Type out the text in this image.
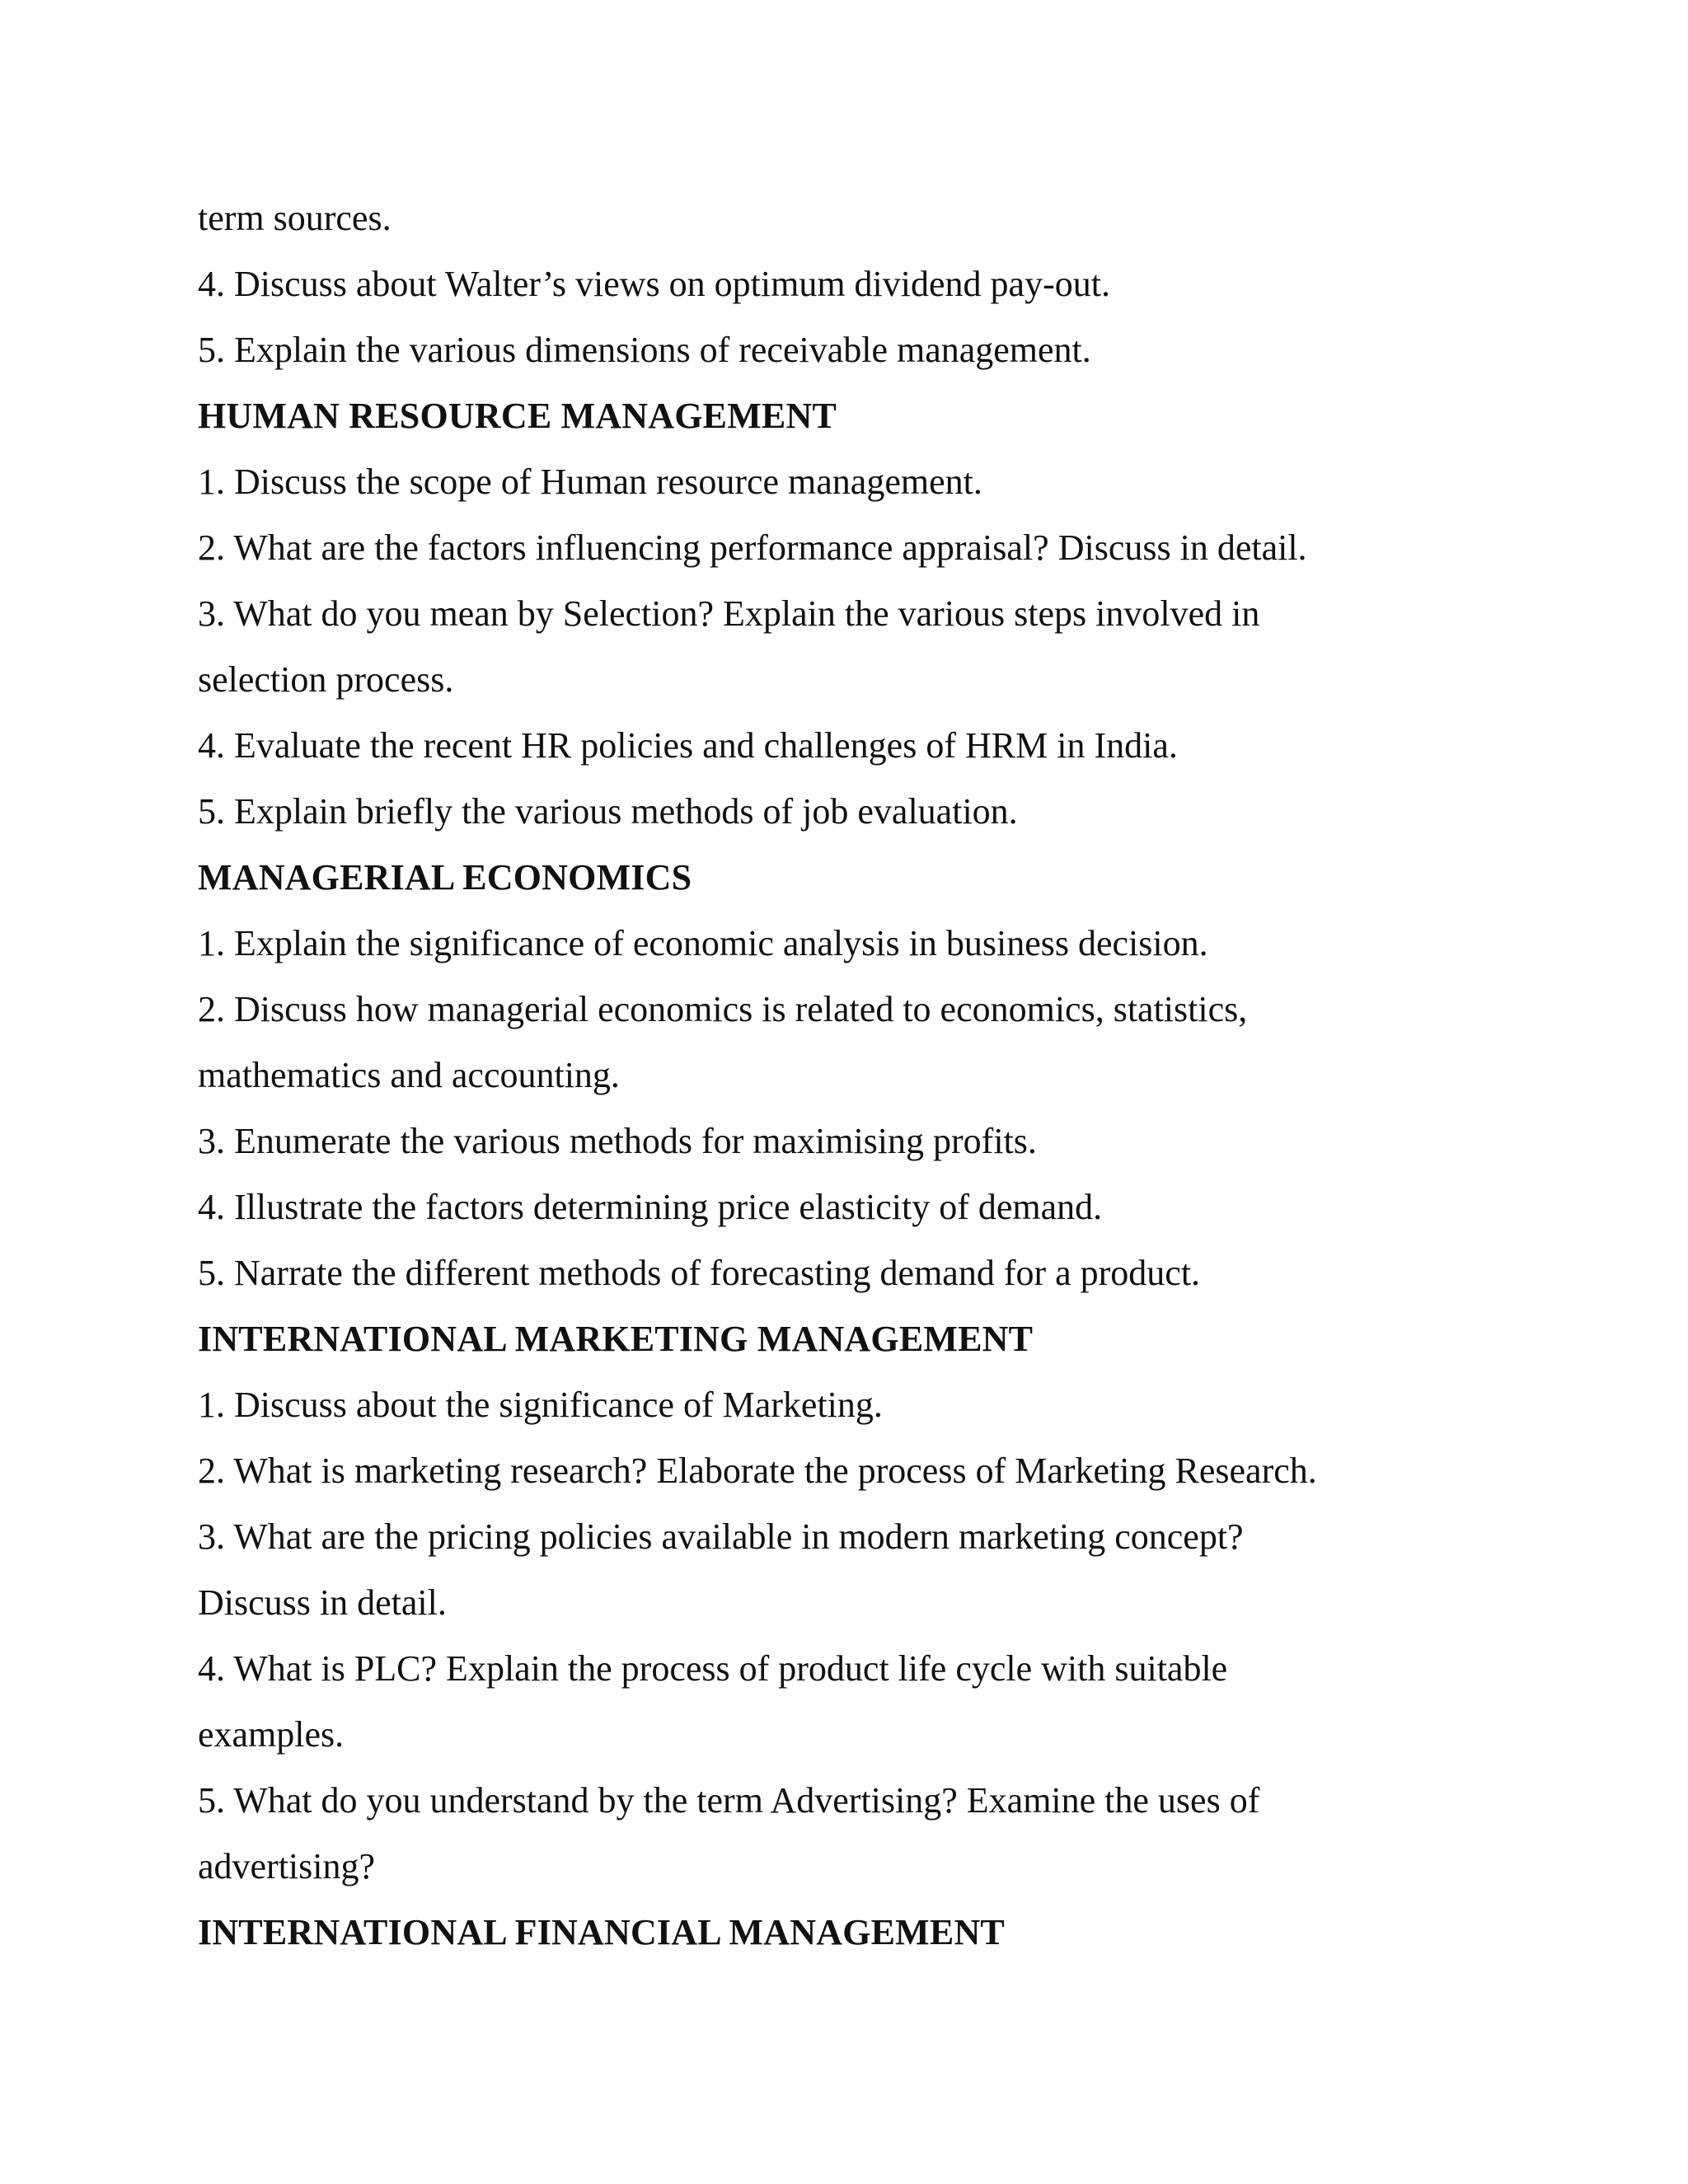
term sources.
4. Discuss about Walter’s views on optimum dividend pay-out.
5. Explain the various dimensions of receivable management.
HUMAN RESOURCE MANAGEMENT
1. Discuss the scope of Human resource management.
2. What are the factors influencing performance appraisal? Discuss in detail.
3. What do you mean by Selection? Explain the various steps involved in
selection process.
4. Evaluate the recent HR policies and challenges of HRM in India.
5. Explain briefly the various methods of job evaluation.
MANAGERIAL ECONOMICS
1. Explain the significance of economic analysis in business decision.
2. Discuss how managerial economics is related to economics, statistics,
mathematics and accounting.
3. Enumerate the various methods for maximising profits.
4. Illustrate the factors determining price elasticity of demand.
5. Narrate the different methods of forecasting demand for a product.
INTERNATIONAL MARKETING MANAGEMENT
1. Discuss about the significance of Marketing.
2. What is marketing research? Elaborate the process of Marketing Research.
3. What are the pricing policies available in modern marketing concept?
Discuss in detail.
4. What is PLC? Explain the process of product life cycle with suitable
examples.
5. What do you understand by the term Advertising? Examine the uses of
advertising?
INTERNATIONAL FINANCIAL MANAGEMENT
